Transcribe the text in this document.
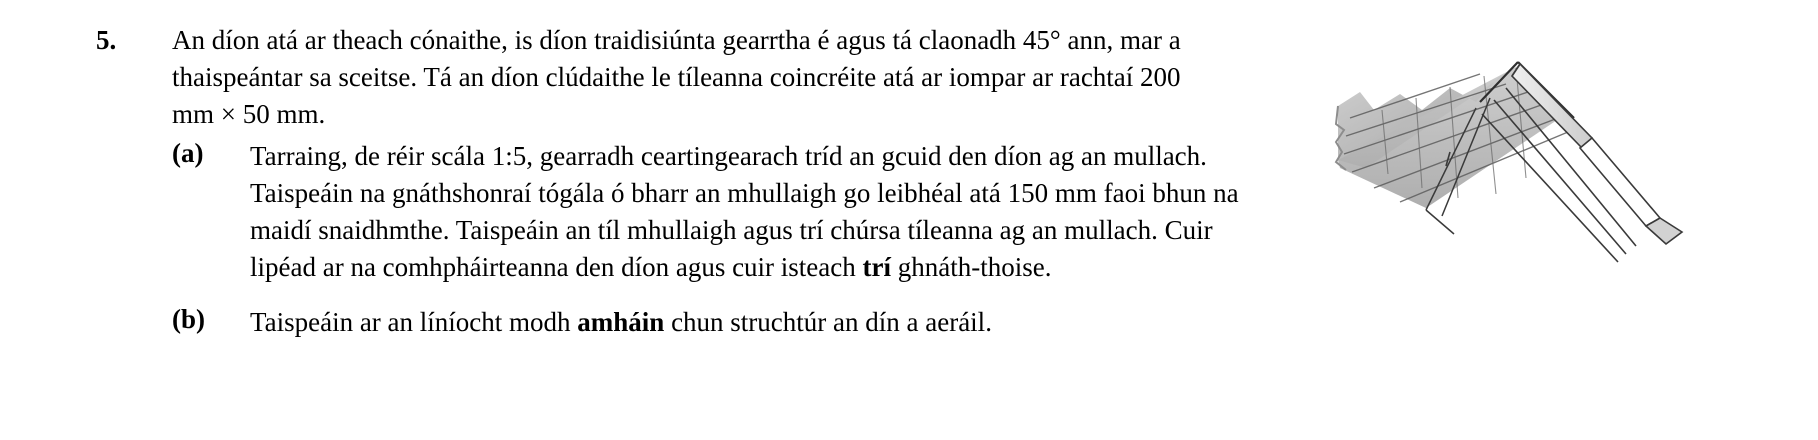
5. An díon atá ar theach cónaithe, is díon traidisiúnta gearrtha é agus tá claonadh 45° ann, mar a thaispeántar sa sceitse. Tá an díon clúdaithe le tíleanna coincréite atá ar iompar ar rachtaí 200 mm × 50 mm.
(a)	Tarraing, de réir scála 1:5, gearradh ceartingearach tríd an gcuid den díon ag an mullach. Taispeáin na gnáthshonraí tógála ó bharr an mhullaigh go leibhéal atá 150 mm faoi bhun na maidí snaidhmthe. Taispeáin an tíl mhullaigh agus trí chúrsa tíleanna ag an mullach. Cuir lipéad ar na comhpháirteanna den díon agus cuir isteach trí ghnáth-thoise.
(b)	Taispeáin ar an líníocht modh amháin chun struchtúr an dín a aeráil.
